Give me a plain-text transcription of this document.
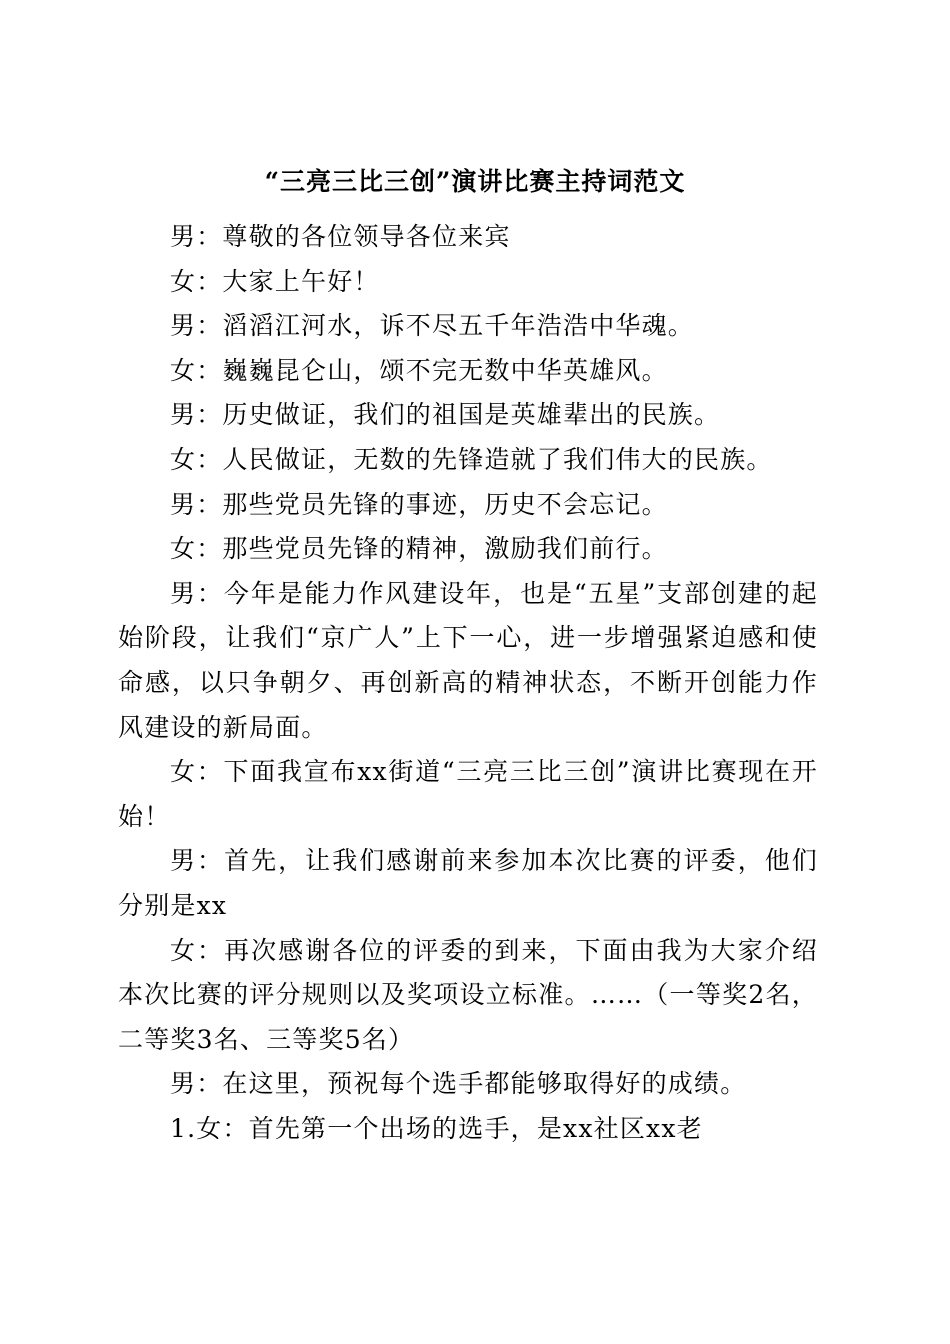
“三亮三比三创”演讲比赛主持词范文

男：尊敬的各位领导各位来宾

女：大家上午好！

男：滔滔江河水，诉不尽五千年浩浩中华魂。

女：巍巍昆仑山，颂不完无数中华英雄风。

男：历史做证，我们的祖国是英雄辈出的民族。

女：人民做证，无数的先锋造就了我们伟大的民族。

男：那些党员先锋的事迹，历史不会忘记。

女：那些党员先锋的精神，激励我们前行。

男：今年是能力作风建设年，也是“五星”支部创建的起始阶段，让我们“京广人”上下一心，进一步增强紧迫感和使命感，以只争朝夕、再创新高的精神状态，不断开创能力作风建设的新局面。

女：下面我宣布xx街道“三亮三比三创”演讲比赛现在开始！

男：首先，让我们感谢前来参加本次比赛的评委，他们分别是xx

女：再次感谢各位的评委的到来，下面由我为大家介绍本次比赛的评分规则以及奖项设立标准。……（一等奖2名，二等奖3名、三等奖5名）

男：在这里，预祝每个选手都能够取得好的成绩。

1.女：首先第一个出场的选手，是xx社区xx老
